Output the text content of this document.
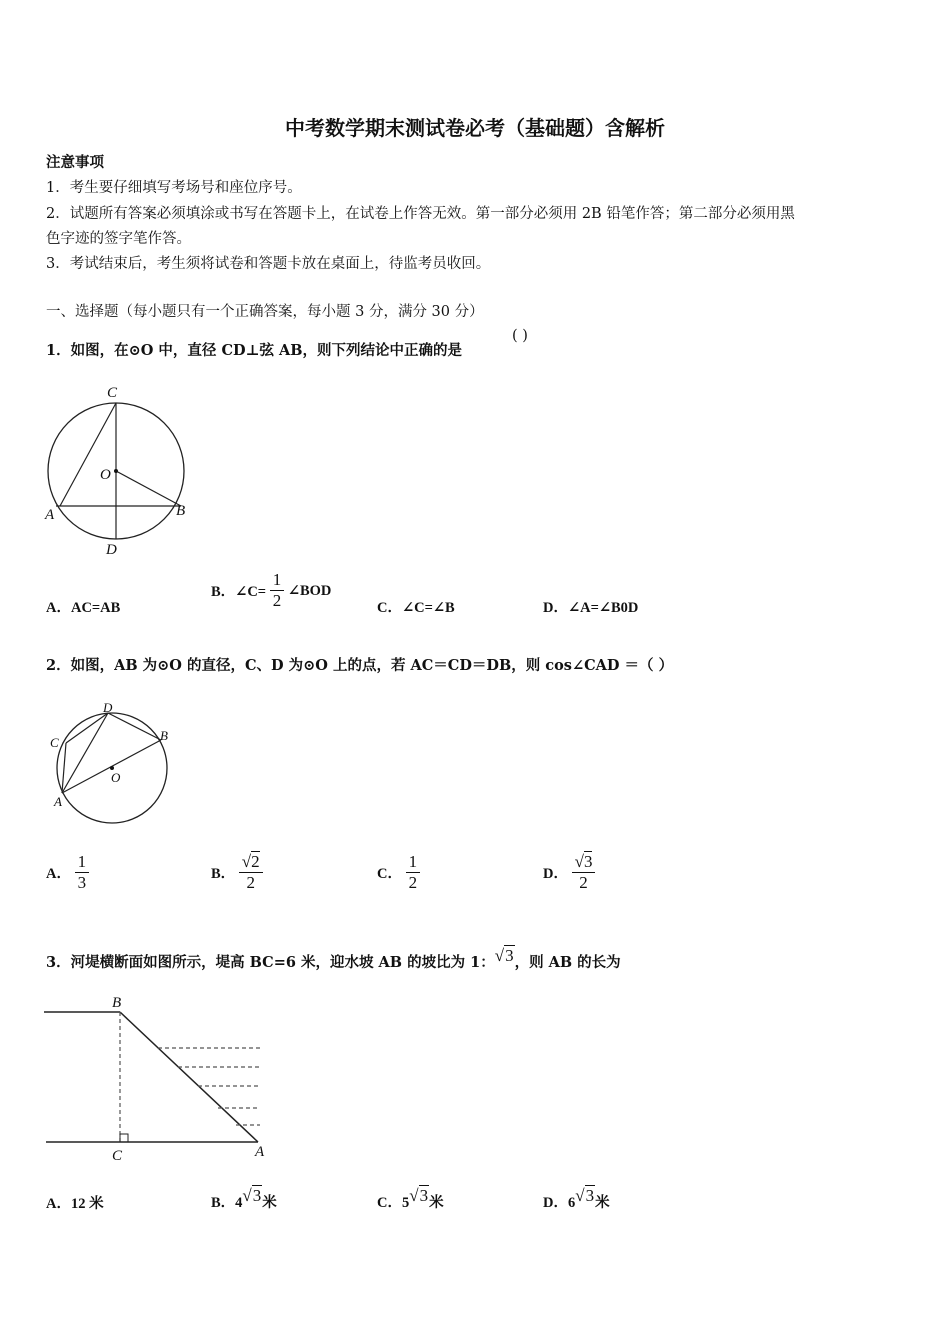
中考数学期末测试卷必考（基础题）含解析
注意事项
1．考生要仔细填写考场号和座位序号。
2．试题所有答案必须填涂或书写在答题卡上，在试卷上作答无效。第一部分必须用 2B 铅笔作答；第二部分必须用黑
色字迹的签字笔作答。
3．考试结束后，考生须将试卷和答题卡放在桌面上，待监考员收回。
一、选择题（每小题只有一个正确答案，每小题 3 分，满分 30 分）
1．如图，在⊙O 中，直径 CD⊥弦 AB，则下列结论中正确的是
( )
C
O
A	B
D
A．AC=AB
B．∠C= $\frac{1}{2}$ ∠BOD
C．∠C=∠B	D．∠A=∠B0D
2．如图，AB 为⊙O 的直径，C、D 为⊙O 上的点，若 AC＝CD＝DB，则 cos∠CAD ＝（ ）
D
C	B
O
A
A． $\frac{1}{3}$	B． $\frac{√2}{2}$	C． $\frac{1}{2}$	D． $\frac{√3}{2}$
3．河堤横断面如图所示，堤高 BC=6 米，迎水坡 AB 的坡比为 1：√3，则 AB 的长为
B
C	A
A．12 米	B．4√3米	C．5√3米	D．6√3米
